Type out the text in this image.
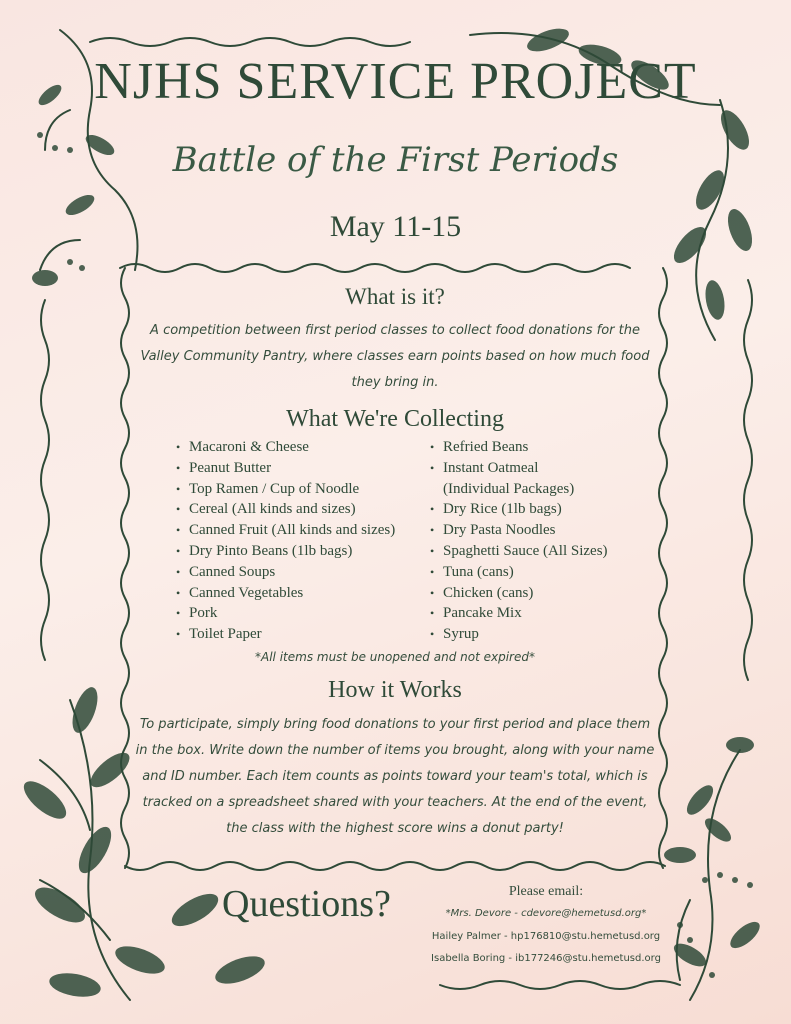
NJHS SERVICE PROJECT
Battle of the First Periods
May 11-15
What is it?
A competition between first period classes to collect food donations for the
Valley Community Pantry, where classes earn points based on how much food
they bring in.
What We're Collecting
• Macaroni & Cheese
• Peanut Butter
• Top Ramen / Cup of Noodle
• Cereal (All kinds and sizes)
• Canned Fruit (All kinds and sizes)
• Dry Pinto Beans (1lb bags)
• Canned Soups
• Canned Vegetables
• Pork
• Toilet Paper
• Refried Beans
• Instant Oatmeal
(Individual Packages)
• Dry Rice (1lb bags)
• Dry Pasta Noodles
• Spaghetti Sauce (All Sizes)
• Tuna (cans)
• Chicken (cans)
• Pancake Mix
• Syrup
*All items must be unopened and not expired*
How it Works
To participate, simply bring food donations to your first period and place them
in the box. Write down the number of items you brought, along with your name
and ID number. Each item counts as points toward your team's total, which is
tracked on a spreadsheet shared with your teachers. At the end of the event,
the class with the highest score wins a donut party!
Questions?	Please email:
*Mrs. Devore - cdevore@hemetusd.org*
Hailey Palmer - hp176810@stu.hemetusd.org
Isabella Boring - ib177246@stu.hemetusd.org
